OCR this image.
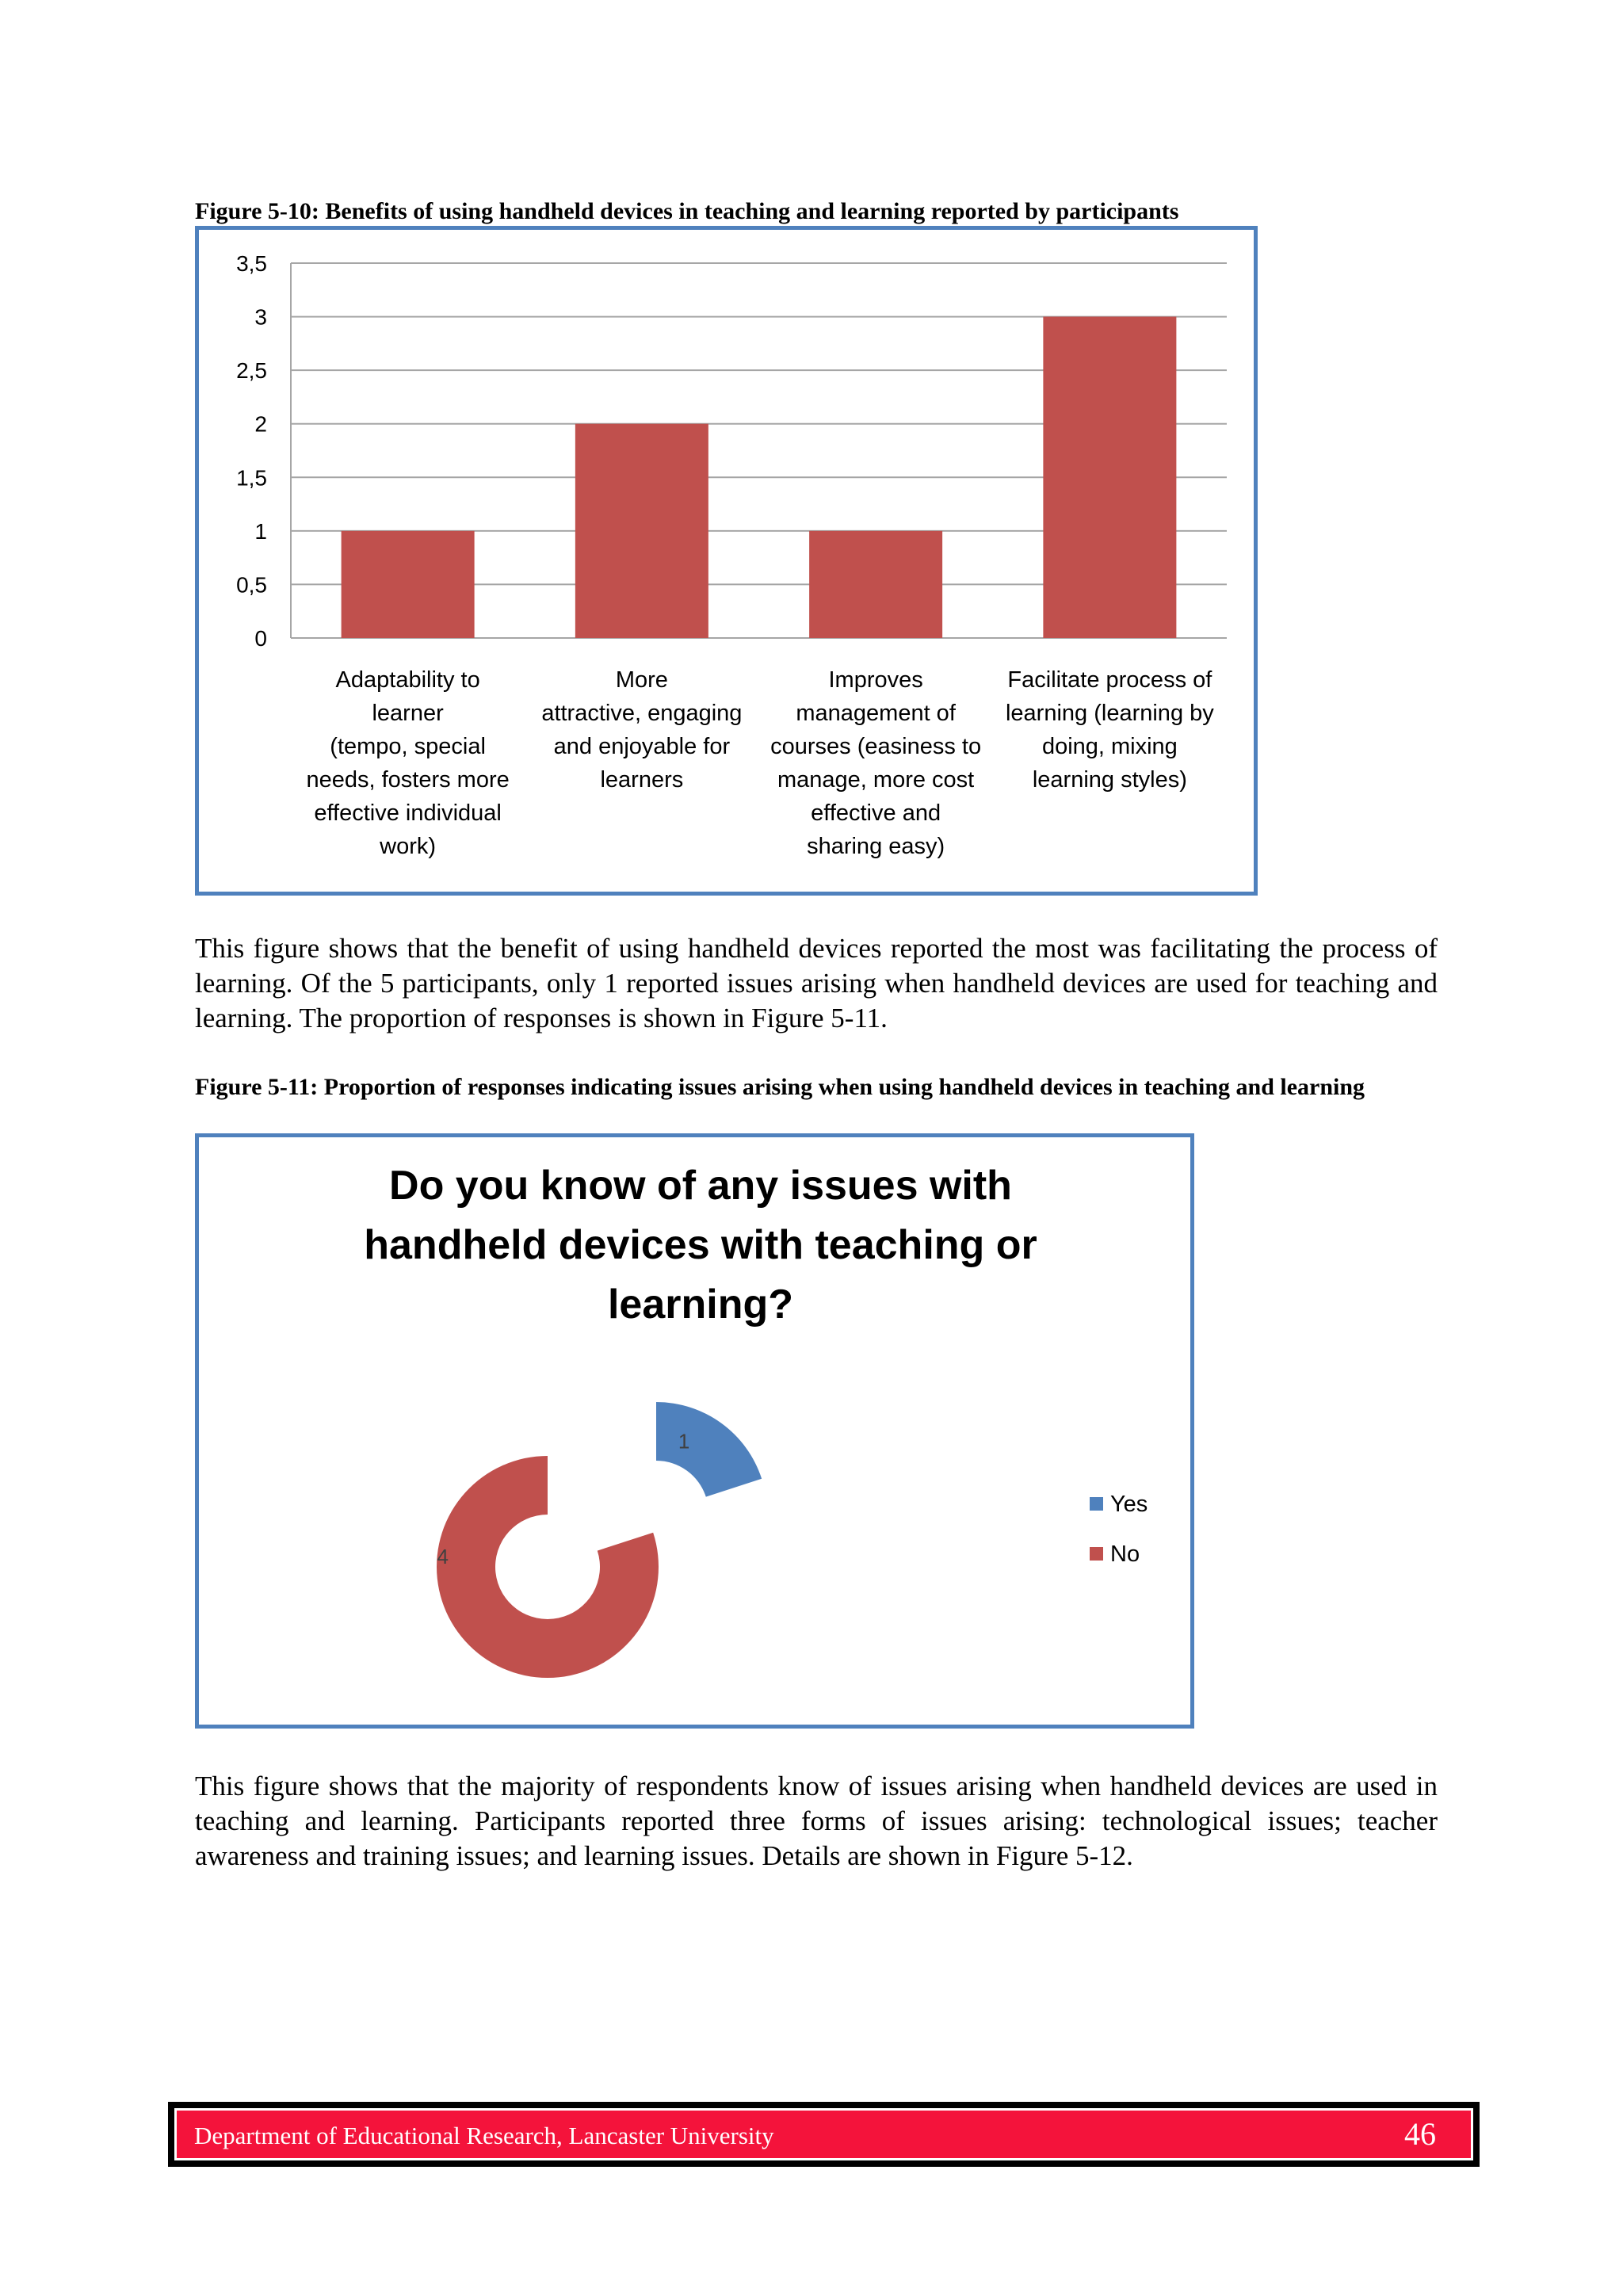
Figure 5-10: Benefits of using handheld devices in teaching and learning reported by participants
0
0,5
1
1,5
2
2,5
3
3,5
Adaptability to
learner
(tempo, special
needs, fosters more
effective individual
work)
More
attractive, engaging
and enjoyable for
learners
Improves
management of
courses (easiness to
manage, more cost
effective and
sharing easy)
Facilitate process of
learning (learning by
doing, mixing
learning styles)
This figure shows that the benefit of using handheld devices reported the most was facilitating the process of learning. Of the 5 participants, only 1 reported issues arising when handheld devices are used for teaching and learning. The proportion of responses is shown in Figure 5-11.
Figure 5-11: Proportion of responses indicating issues arising when using handheld devices in teaching and learning
Do you know of any issues with
handheld devices with teaching or
learning?
1
4
Yes
No
This figure shows that the majority of respondents know of issues arising when handheld devices are used in teaching and learning. Participants reported three forms of issues arising: technological issues; teacher awareness and training issues; and learning issues. Details are shown in Figure 5-12.
Department of Educational Research, Lancaster University	46
